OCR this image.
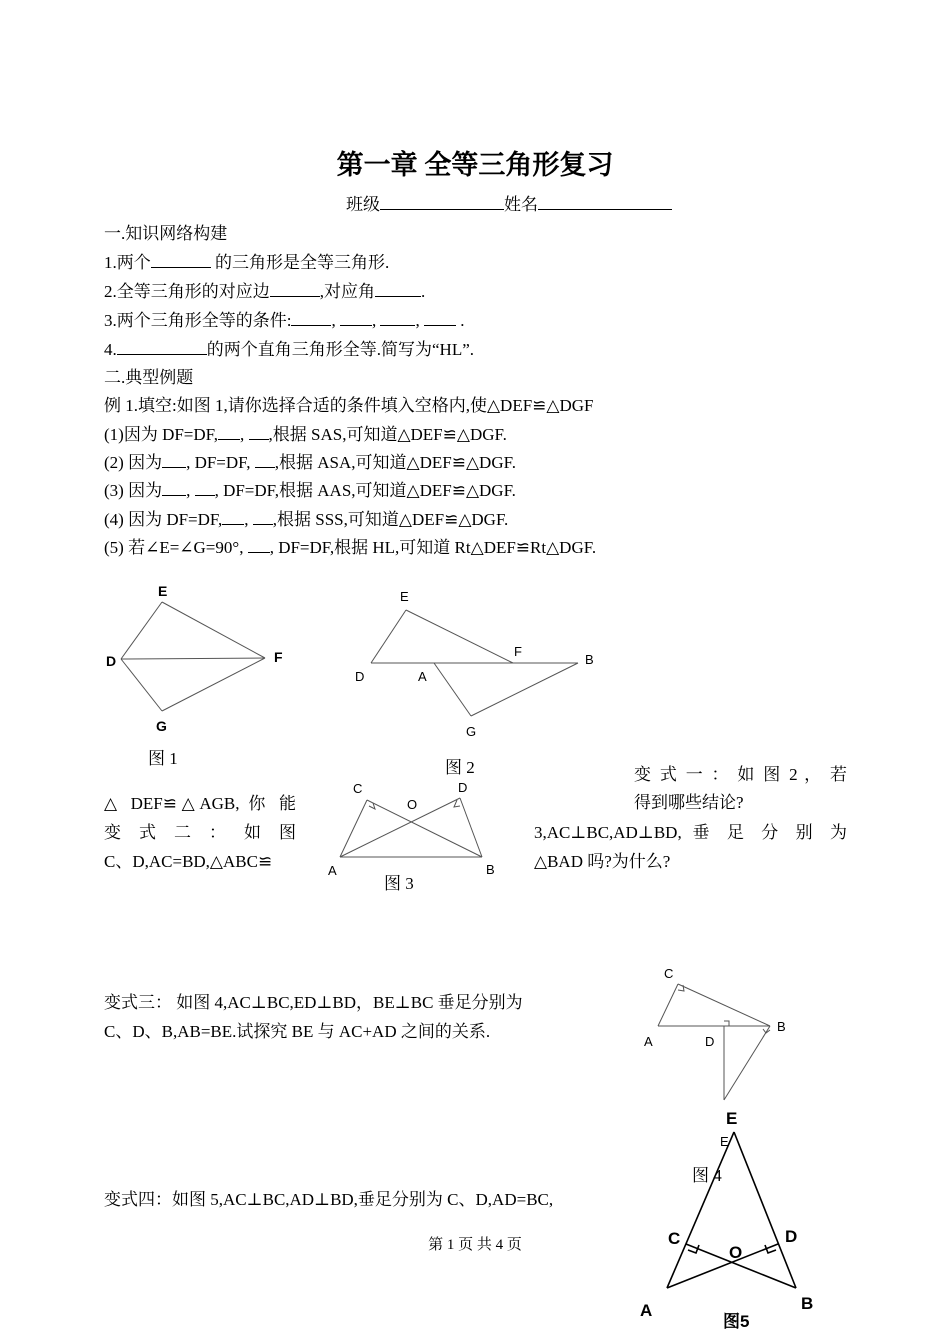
第一章 全等三角形复习
班级	姓名
一.知识网络构建
1.两个	的三角形是全等三角形.
2.全等三角形的对应边	,对应角	.
3.两个三角形全等的条件: , , ,  .
4.	的两个直角三角形全等.简写为“HL”.
二.典型例题
例 1.填空:如图 1,请你选择合适的条件填入空格内,使△DEF≌△DGF
(1)因为 DF=DF, , ,根据 SAS,可知道△DEF≌△DGF.
(2) 因为 , DF=DF, ,根据 ASA,可知道△DEF≌△DGF.
(3) 因为 , , DF=DF,根据 AAS,可知道△DEF≌△DGF.
(4) 因为 DF=DF, , ,根据 SSS,可知道△DEF≌△DGF.
(5) 若∠E=∠G=90°, , DF=DF,根据 HL,可知道 Rt△DEF≌Rt△DGF.
E
D	F
G
图 1
E
F
B
D	A
G
图 2
C
O
D
A	B
图 3
变 式 一 ： 如 图 2 ， 若
得到哪些结论?
△ DEF≌△AGB, 你 能
变 式 二 ： 如 图
C、D,AC=BD,△ABC≌
3,AC⊥BC,AD⊥BD, 垂 足 分 别 为
△BAD 吗?为什么?
变式三： 如图 4,AC⊥BC,ED⊥BD，BE⊥BC 垂足分别为
C、D、B,AB=BE.试探究 BE 与 AC+AD 之间的关系.
C
A	D
B
E
图 4
变式四：如图 5,AC⊥BC,AD⊥BD,垂足分别为 C、D,AD=BC,
第 1 页 共 4 页
E
C	D
O
A	B
图5
